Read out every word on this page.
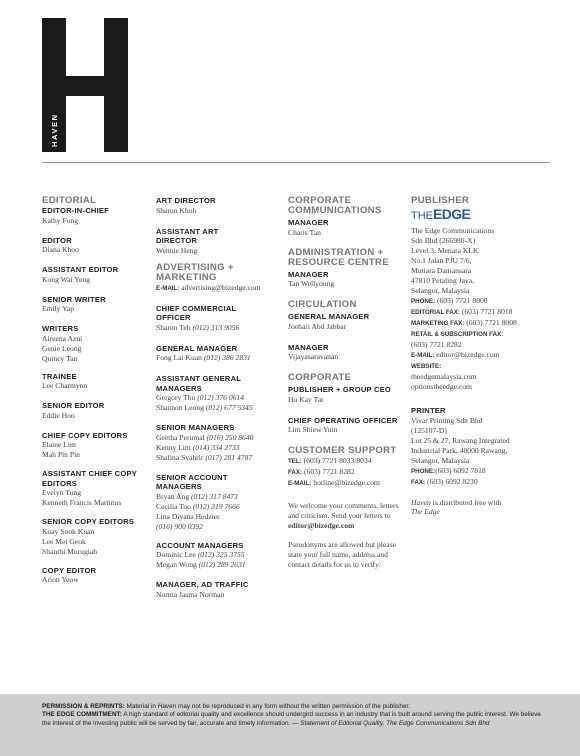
HAVEN
EDITORIAL
EDITOR-IN-CHIEF
Kathy Fong
EDITOR
Diana Khoo
ASSISTANT EDITOR
Kong Wai Yeng
SENIOR WRITER
Emily Yap
WRITERS
Aireena Azni
Genie Leong
Quincy Tan
TRAINEE
Lee Charmynn
SENIOR EDITOR
Eddie Hoo
CHIEF COPY EDITORS
Elaine Lim
Mah Pin Pin
ASSISTANT CHIEF COPY EDITORS
Evelyn Tung
Kenneth Francis Martinus
SENIOR COPY EDITORS
Koay Sook Kuan
Lee Mei Geok
Shanthi Murugiah
COPY EDITOR
Arion Yeow
ART DIRECTOR
Sharon Khoh
ASSISTANT ART DIRECTOR
Wennie Heng
ADVERTISING + MARKETING
E-MAIL: advertising@bizedge.com
CHIEF COMMERCIAL OFFICER
Sharon Teh (012) 313 9056
GENERAL MANAGER
Fong Lai Kuan (012) 386 2831
ASSISTANT GENERAL MANAGERS
Gregory Thu (012) 376 0614
Shannon Leong (012) 677 5345
SENIOR MANAGERS
Geetha Perumal (016) 250 8640
Kenny Lim (014) 334 2733
Shafina Syahrir (017) 281 4787
SENIOR ACCOUNT MANAGERS
Bryan Ang (012) 317 8473
Cecilia Too (012) 319 7666
Lina Diyana Hedzier
(016) 900 0392
ACCOUNT MANAGERS
Dominic Lee (012) 325 3755
Megan Wong (012) 289 2631
MANAGER, AD TRAFFIC
Norma Jasma Norman
CORPORATE COMMUNICATIONS
MANAGER
Charis Tan
ADMINISTRATION + RESOURCE CENTRE
MANAGER
Tan Wellyoung
CIRCULATION
GENERAL MANAGER
Joehari Abd Jabbar
MANAGER
Vijayasaravanan
CORPORATE
PUBLISHER + GROUP CEO
Ho Kay Tat
CHIEF OPERATING OFFICER
Lim Shiew Yuin
CUSTOMER SUPPORT
TEL: (603) 7721 8033/8034
FAX: (603) 7721 8282
E-MAIL: hotline@bizedge.com
We welcome your comments, letters and criticism. Send your letters to editor@bizedge.com
Pseudonyms are allowed but please state your full name, address and contact details for us to verify.
PUBLISHER
THEEDGE
The Edge Communications
Sdn Bhd (266980-X)
Level 3, Menara KLK
No.1 Jalan PJU 7/6,
Mutiara Damansara
47810 Petaling Jaya,
Selangor, Malaysia
PHONE: (603) 7721 8000
EDITORIAL FAX: (603) 7721 8018
MARKETING FAX: (603) 7721 8008
RETAIL & SUBSCRIPTION FAX:
(603) 7721 8282
E-MAIL: editor@bizedge.com
WEBSITE:
theedgemalaysia.com
optionstheedge.com
PRINTER
Vivar Printing Sdn Bhd
(125107-D)
Lot 25 & 27, Rawang Integrated
Industrial Park, 48000 Rawang,
Selangor, Malaysia
PHONE:(603) 6092 7818
FAX: (603) 6092 8230
Haven is distributed free with
The Edge
PERMISSION & REPRINTS: Material in Haven may not be reproduced in any form without the written permission of the publisher.
THE EDGE COMMITMENT: A high standard of editorial quality and excellence should undergird success in an industry that is built around serving the public interest. We believe the interest of the investing public will be served by fair, accurate and timely information. — Statement of Editorial Quality, The Edge Communications Sdn Bhd
